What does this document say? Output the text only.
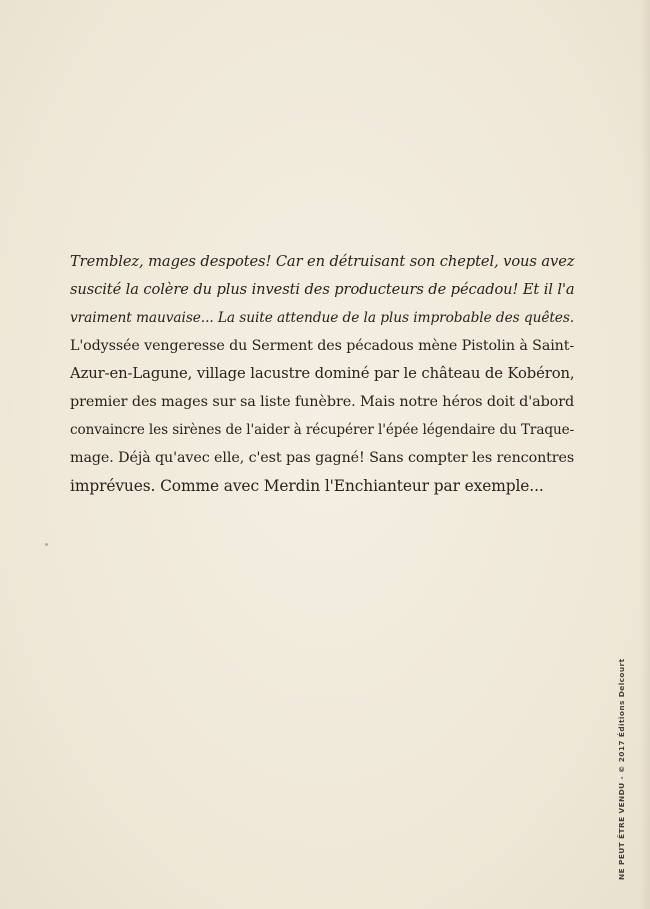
Tremblez, mages despotes! Car en détruisant son cheptel, vous avez
suscité la colère du plus investi des producteurs de pécadou! Et il l'a
vraiment mauvaise... La suite attendue de la plus improbable des quêtes.
L'odyssée vengeresse du Serment des pécadous mène Pistolin à Saint-
Azur-en-Lagune, village lacustre dominé par le château de Kobéron,
premier des mages sur sa liste funèbre. Mais notre héros doit d'abord
convaincre les sirènes de l'aider à récupérer l'épée légendaire du Traque-
mage. Déjà qu'avec elle, c'est pas gagné! Sans compter les rencontres
imprévues. Comme avec Merdin l'Enchianteur par exemple...
NE PEUT ÊTRE VENDU - © 2017 Éditions Delcourt
